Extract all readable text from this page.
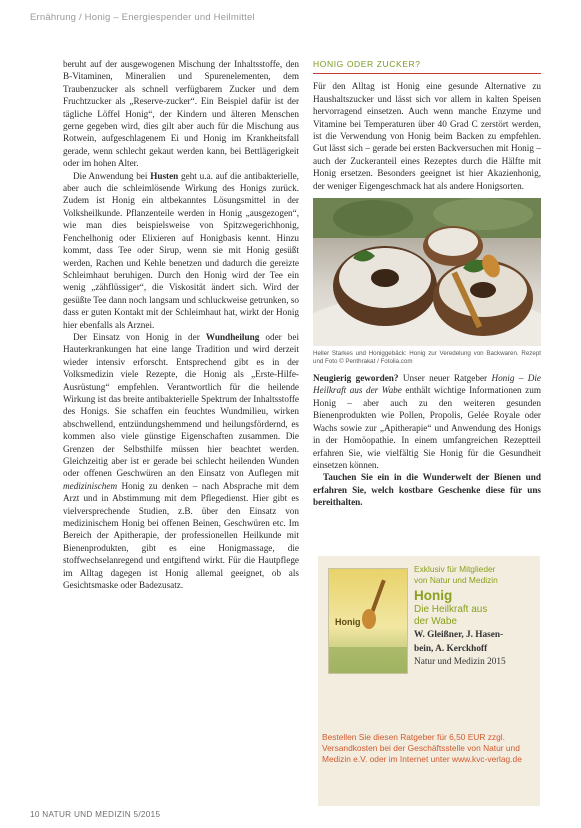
Ernährung / Honig – Energiespender und Heilmittel

beruht auf der ausgewogenen Mischung der Inhaltsstoffe, den B-Vitaminen, Mineralien und Spurenelementen, dem Traubenzucker als schnell verfügbarem Zucker und dem Fruchtzucker als „Reserve-zucker“. Ein Beispiel dafür ist der tägliche Löffel Honig“, der Kindern und älteren Menschen gerne gegeben wird, dies gilt aber auch für die Mischung aus Rotwein, aufgeschlagenem Ei und Honig im Krankheitsfall gerade, wenn schlecht gekaut werden kann, bei Bettlägerigkeit oder im hohen Alter.

Die Anwendung bei Husten geht u.a. auf die antibakterielle, aber auch die schleimlösende Wirkung des Honigs zurück. Zudem ist Honig ein altbekanntes Lösungsmittel in der Volksheilkunde. Pflanzenteile werden in Honig „ausgezogen“, wie man dies beispielsweise von Spitzwegerichhonig, Fenchelhonig oder Elixieren auf Honigbasis kennt. Hinzu kommt, dass Tee oder Sirup, wenn sie mit Honig gesüßt werden, Rachen und Kehle benetzen und dadurch die gereizte Schleimhaut beruhigen. Durch den Honig wird der Tee ein wenig „zähflüssiger“, die Viskosität ändert sich. Wird der gesüßte Tee dann noch langsam und schluckweise getrunken, so dass er guten Kontakt mit der Schleimhaut hat, wirkt der Honig hier ebenfalls als Arznei.

Der Einsatz von Honig in der Wundheilung oder bei Hauterkrankungen hat eine lange Tradition und wird derzeit wieder intensiv erforscht. Entsprechend gibt es in der Volksmedizin viele Rezepte, die Honig als „Erste-Hilfe-Ausrüstung“ empfehlen. Verantwortlich für die heilende Wirkung ist das breite antibakterielle Spektrum der Inhaltsstoffe des Honigs. Sie schaffen ein feuchtes Wundmilieu, wirken abschwellend, entzündungshemmend und heilungsfördernd, es kommen also viele günstige Eigenschaften zusammen. Die Grenzen der Selbsthilfe müssen hier beachtet werden. Gleichzeitig aber ist er gerade bei schlecht heilenden Wunden oder offenen Geschwüren an den Einsatz von Auflegen mit medizinischem Honig zu denken – nach Absprache mit dem Arzt und in Abstimmung mit dem Pflegedienst. Hier gibt es vielversprechende Studien, z.B. über den Einsatz von medizinischem Honig bei offenen Beinen, Geschwüren etc. Im Bereich der Apitherapie, der professionellen Heilkunde mit Bienenprodukten, gibt es eine Honigmassage, die stoffwechselanregend und entgiftend wirkt. Für die Hautpflege im Alltag dagegen ist Honig allemal geeignet, ob als Gesichtsmaske oder Badezusatz.

HONIG ODER ZUCKER?

Für den Alltag ist Honig eine gesunde Alternative zu Haushaltszucker und lässt sich vor allem in kalten Speisen hervorragend einsetzen. Auch wenn manche Enzyme und Vitamine bei Temperaturen über 40 Grad C zerstört werden, ist die Verwendung von Honig beim Backen zu empfehlen. Gut lässt sich – gerade bei ersten Backversuchen mit Honig – auch der Zuckeranteil eines Rezeptes durch die Hälfte mit Honig ersetzen. Besonders geeignet ist hier Akazienhonig, der weniger Eigengeschmack hat als andere Honigsorten.

Heller Starkes und Honiggebäck: Honig zur Veredelung von Backwaren. Rezept und Foto © Penthrakat / Fotolia.com

Neugierig geworden? Unser neuer Ratgeber Honig – Die Heilkraft aus der Wabe enthält wichtige Informationen zum Honig – aber auch zu den weiteren gesunden Bienenprodukten wie Pollen, Propolis, Gelée Royale oder Wachs sowie zur „Apitherapie“ und Anwendung des Honigs in der Homöopathie. In einem umfangreichen Rezeptteil erfahren Sie, wie vielfältig Sie Honig für die Gesundheit einsetzen können.

Tauchen Sie ein in die Wunderwelt der Bienen und erfahren Sie, welch kostbare Geschenke diese für uns bereithalten.

Honig
Exklusiv für Mitglieder
von Natur und Medizin
Honig
Die Heilkraft aus
der Wabe
W. Gleißner, J. Hasen-
bein, A. Kerckhoff
Natur und Medizin 2015
Bestellen Sie diesen Ratgeber für 6,50 EUR zzgl. Versandkosten bei der Geschäftsstelle von Natur und Medizin e.V. oder im Internet unter www.kvc-verlag.de
10 NATUR UND MEDIZIN 5/2015
